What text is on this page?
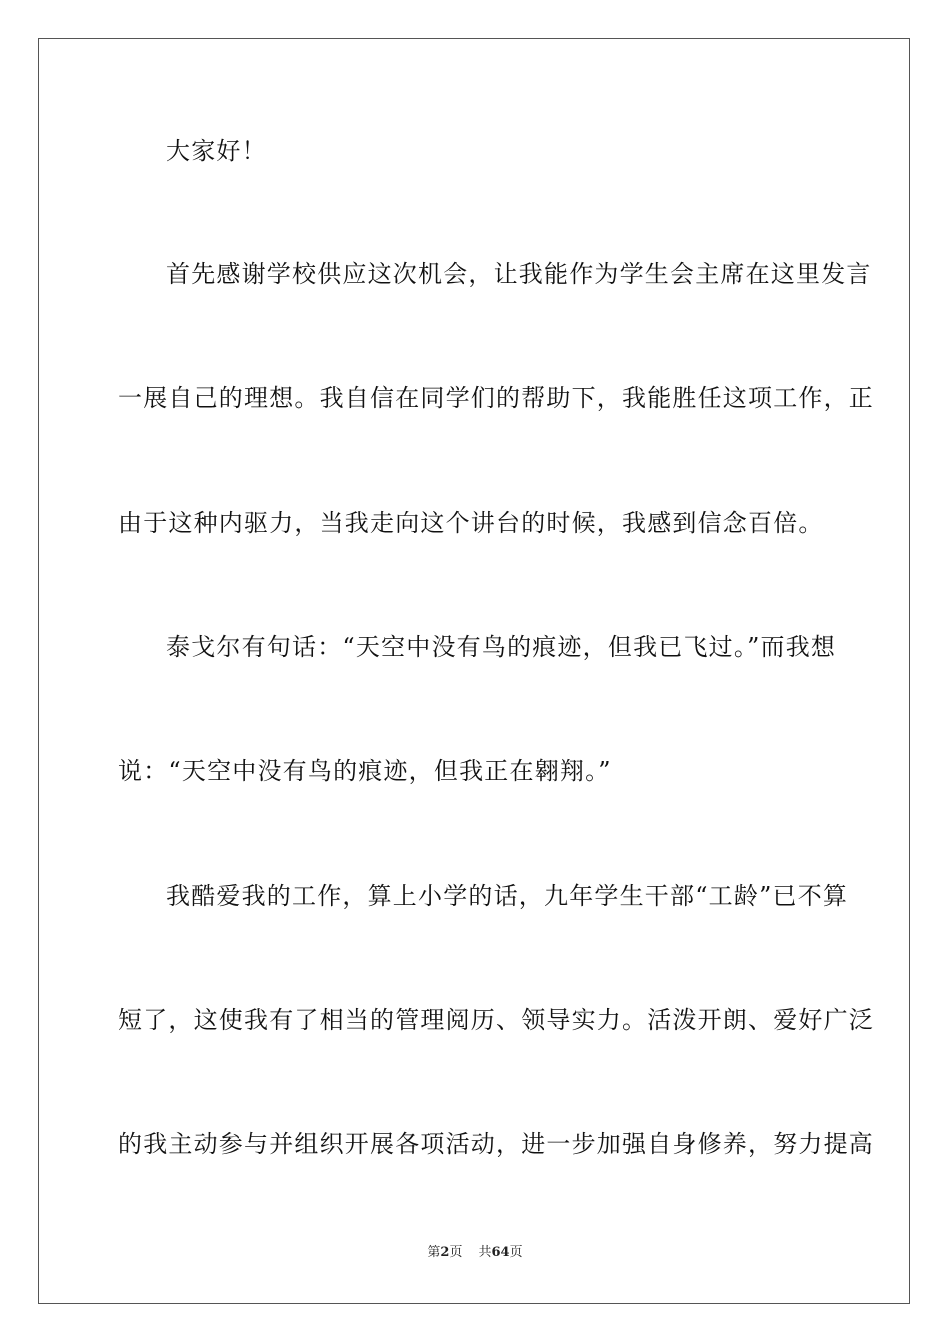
大家好！
首先感谢学校供应这次机会，让我能作为学生会主席在这里发言
一展自己的理想。我自信在同学们的帮助下，我能胜任这项工作，正
由于这种内驱力，当我走向这个讲台的时候，我感到信念百倍。
泰戈尔有句话：“天空中没有鸟的痕迹，但我已飞过。”而我想
说：“天空中没有鸟的痕迹，但我正在翱翔。”
我酷爱我的工作，算上小学的话，九年学生干部“工龄”已不算
短了，这使我有了相当的管理阅历、领导实力。活泼开朗、爱好广泛
的我主动参与并组织开展各项活动，进一步加强自身修养，努力提高
第2页 共64页
